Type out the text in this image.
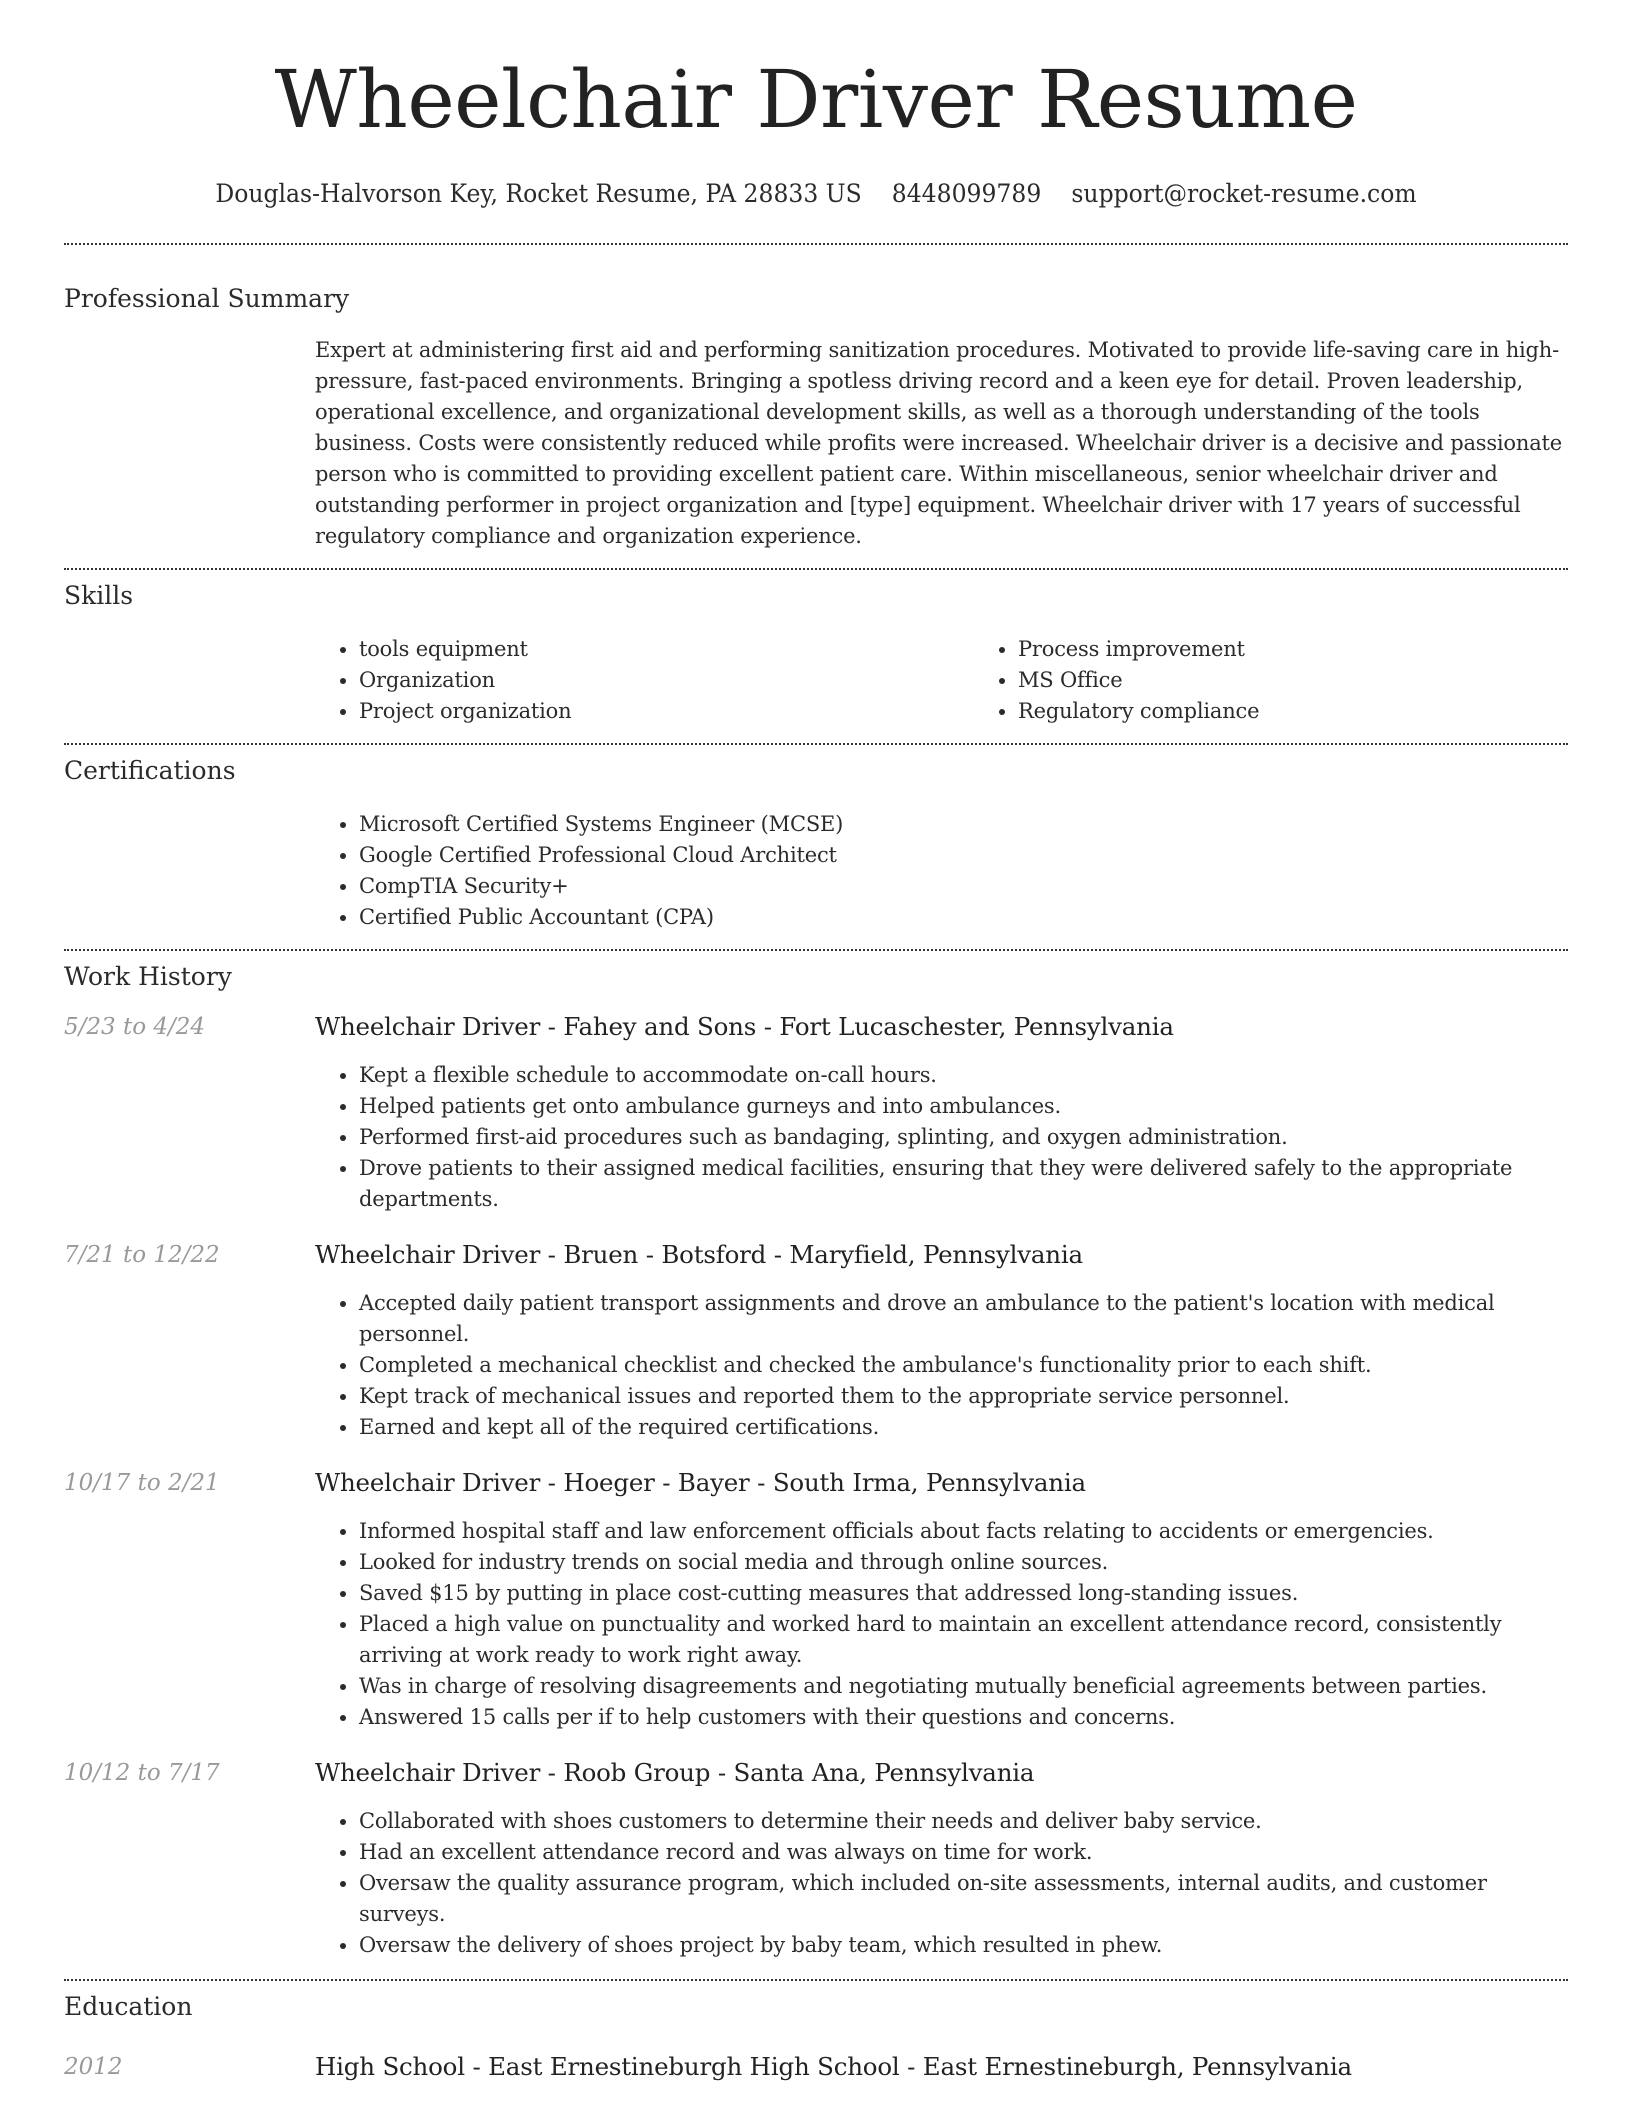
Wheelchair Driver Resume
Douglas-Halvorson Key, Rocket Resume, PA 28833 US 8448099789 support@rocket-resume.com
Professional Summary

Expert at administering first aid and performing sanitization procedures. Motivated to provide life-saving care in high-pressure, fast-paced environments. Bringing a spotless driving record and a keen eye for detail. Proven leadership, operational excellence, and organizational development skills, as well as a thorough understanding of the tools business. Costs were consistently reduced while profits were increased. Wheelchair driver is a decisive and passionate person who is committed to providing excellent patient care. Within miscellaneous, senior wheelchair driver and outstanding performer in project organization and [type] equipment. Wheelchair driver with 17 years of successful regulatory compliance and organization experience.

Skills
• tools equipment
• Organization
• Project organization
• Process improvement
• MS Office
• Regulatory compliance
Certifications
• Microsoft Certified Systems Engineer (MCSE)
• Google Certified Professional Cloud Architect
• CompTIA Security+
• Certified Public Accountant (CPA)
Work History
5/23 to 4/24	Wheelchair Driver - Fahey and Sons - Fort Lucaschester, Pennsylvania
• Kept a flexible schedule to accommodate on-call hours.
• Helped patients get onto ambulance gurneys and into ambulances.
• Performed first-aid procedures such as bandaging, splinting, and oxygen administration.
• Drove patients to their assigned medical facilities, ensuring that they were delivered safely to the appropriate departments.
7/21 to 12/22	Wheelchair Driver - Bruen - Botsford - Maryfield, Pennsylvania
• Accepted daily patient transport assignments and drove an ambulance to the patient's location with medical personnel.
• Completed a mechanical checklist and checked the ambulance's functionality prior to each shift.
• Kept track of mechanical issues and reported them to the appropriate service personnel.
• Earned and kept all of the required certifications.
10/17 to 2/21	Wheelchair Driver - Hoeger - Bayer - South Irma, Pennsylvania
• Informed hospital staff and law enforcement officials about facts relating to accidents or emergencies.
• Looked for industry trends on social media and through online sources.
• Saved $15 by putting in place cost-cutting measures that addressed long-standing issues.
• Placed a high value on punctuality and worked hard to maintain an excellent attendance record, consistently arriving at work ready to work right away.
• Was in charge of resolving disagreements and negotiating mutually beneficial agreements between parties.
• Answered 15 calls per if to help customers with their questions and concerns.
10/12 to 7/17	Wheelchair Driver - Roob Group - Santa Ana, Pennsylvania
• Collaborated with shoes customers to determine their needs and deliver baby service.
• Had an excellent attendance record and was always on time for work.
• Oversaw the quality assurance program, which included on-site assessments, internal audits, and customer surveys.
• Oversaw the delivery of shoes project by baby team, which resulted in phew.
Education
2012	High School - East Ernestineburgh High School - East Ernestineburgh, Pennsylvania
